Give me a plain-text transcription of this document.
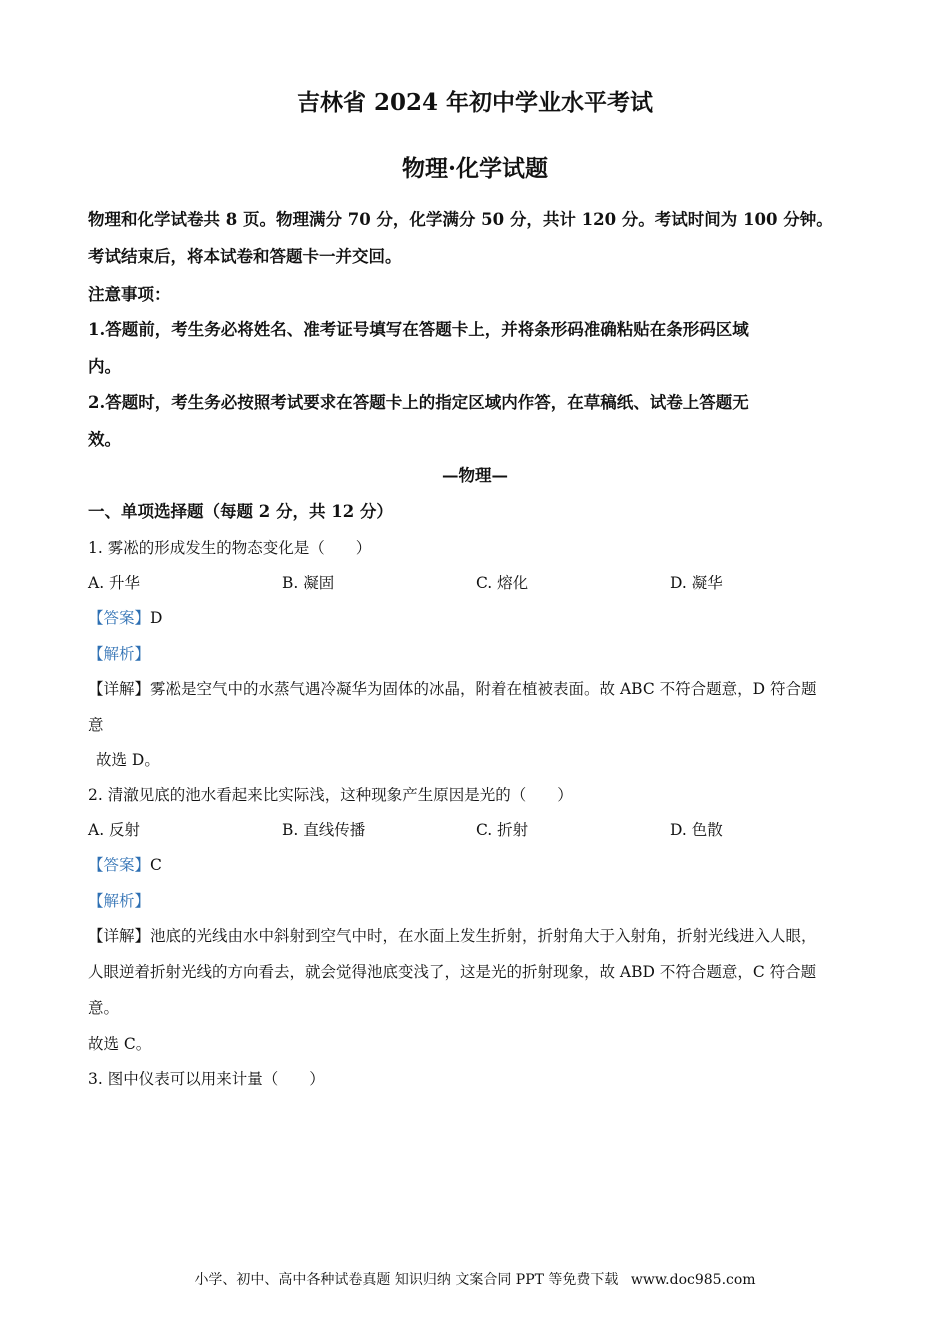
吉林省 2024 年初中学业水平考试
物理·化学试题
物理和化学试卷共 8 页。物理满分 70 分，化学满分 50 分，共计 120 分。考试时间为 100 分钟。
考试结束后，将本试卷和答题卡一并交回。
注意事项：
1.答题前，考生务必将姓名、准考证号填写在答题卡上，并将条形码准确粘贴在条形码区域
内。
2.答题时，考生务必按照考试要求在答题卡上的指定区域内作答，在草稿纸、试卷上答题无
效。
—物理—
一、单项选择题（每题 2 分，共 12 分）
1. 雾凇的形成发生的物态变化是（　　）
A. 升华	B. 凝固	C. 熔化	D. 凝华
【答案】D
【解析】
【详解】雾凇是空气中的水蒸气遇冷凝华为固体的冰晶，附着在植被表面。故 ABC 不符合题意，D 符合题
意
故选 D。
2. 清澈见底的池水看起来比实际浅，这种现象产生原因是光的（　　）
A. 反射	B. 直线传播	C. 折射	D. 色散
【答案】C
【解析】
【详解】池底的光线由水中斜射到空气中时，在水面上发生折射，折射角大于入射角，折射光线进入人眼，
人眼逆着折射光线的方向看去，就会觉得池底变浅了，这是光的折射现象，故 ABD 不符合题意，C 符合题
意。
故选 C。
3. 图中仪表可以用来计量（　　）
小学、初中、高中各种试卷真题 知识归纳 文案合同 PPT 等免费下载 www.doc985.com
